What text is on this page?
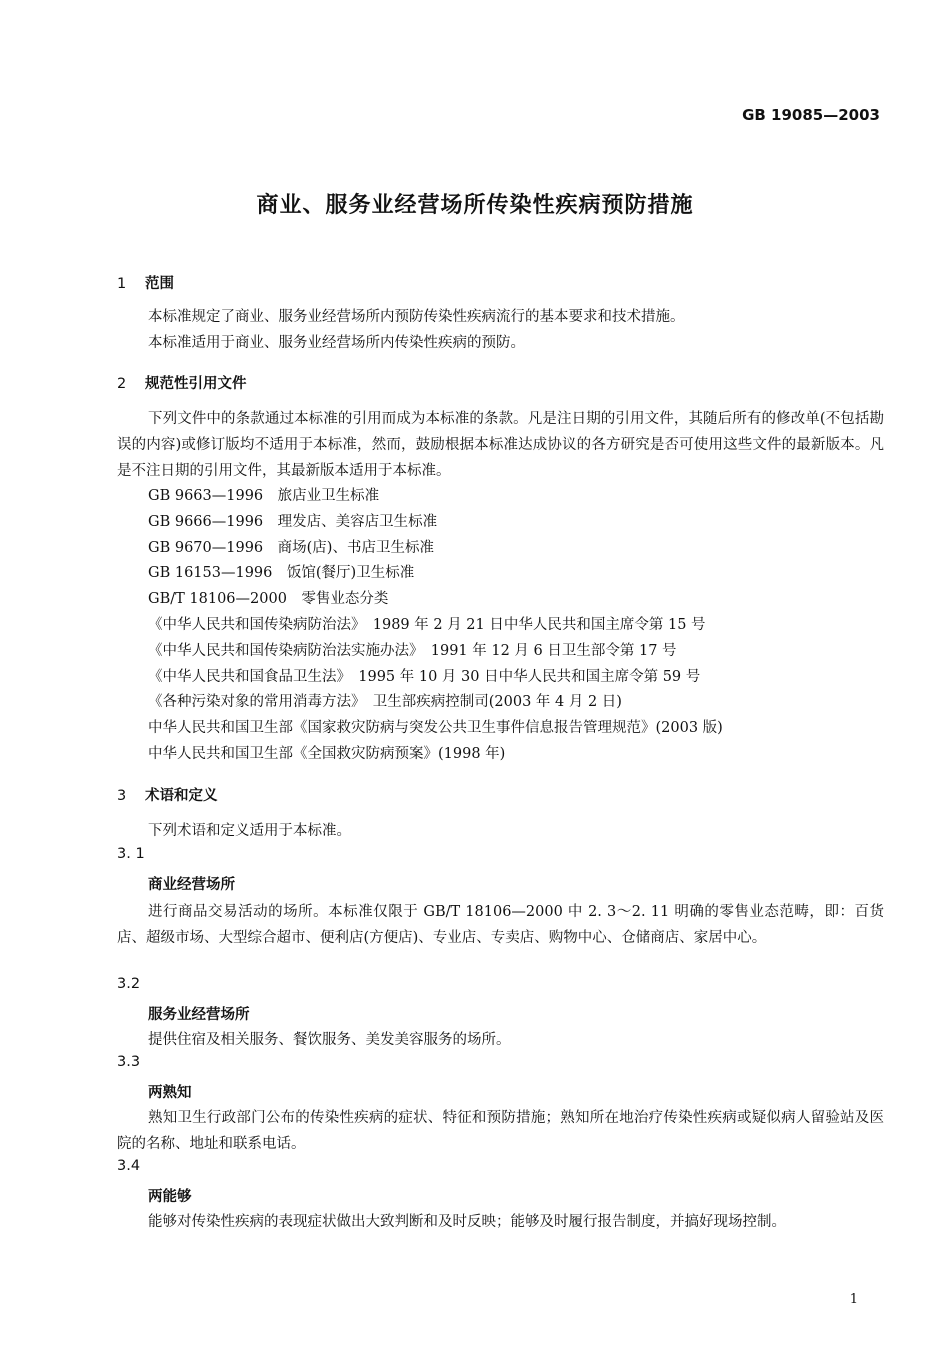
GB 19085—2003
商业、服务业经营场所传染性疾病预防措施
1 范围
本标准规定了商业、服务业经营场所内预防传染性疾病流行的基本要求和技术措施。
本标准适用于商业、服务业经营场所内传染性疾病的预防。
2 规范性引用文件
下列文件中的条款通过本标准的引用而成为本标准的条款。凡是注日期的引用文件，其随后所有的修改单(不包括勘误的内容)或修订版均不适用于本标准，然而，鼓励根据本标准达成协议的各方研究是否可使用这些文件的最新版本。凡是不注日期的引用文件，其最新版本适用于本标准。
GB 9663—1996　旅店业卫生标准
GB 9666—1996　理发店、美容店卫生标准
GB 9670—1996　商场(店)、书店卫生标准
GB 16153—1996　饭馆(餐厅)卫生标准
GB/T 18106—2000　零售业态分类
《中华人民共和国传染病防治法》　1989 年 2 月 21 日中华人民共和国主席令第 15 号
《中华人民共和国传染病防治法实施办法》　1991 年 12 月 6 日卫生部令第 17 号
《中华人民共和国食品卫生法》　1995 年 10 月 30 日中华人民共和国主席令第 59 号
《各种污染对象的常用消毒方法》　卫生部疾病控制司(2003 年 4 月 2 日)
中华人民共和国卫生部《国家救灾防病与突发公共卫生事件信息报告管理规范》(2003 版)
中华人民共和国卫生部《全国救灾防病预案》(1998 年)
3 术语和定义
下列术语和定义适用于本标准。
3. 1
商业经营场所
进行商品交易活动的场所。本标准仅限于 GB/T 18106—2000 中 2. 3～2. 11 明确的零售业态范畴，即：百货店、超级市场、大型综合超市、便利店(方便店)、专业店、专卖店、购物中心、仓储商店、家居中心。
3.2
服务业经营场所
提供住宿及相关服务、餐饮服务、美发美容服务的场所。
3.3
两熟知
熟知卫生行政部门公布的传染性疾病的症状、特征和预防措施；熟知所在地治疗传染性疾病或疑似病人留验站及医院的名称、地址和联系电话。
3.4
两能够
能够对传染性疾病的表现症状做出大致判断和及时反映；能够及时履行报告制度，并搞好现场控制。
1
